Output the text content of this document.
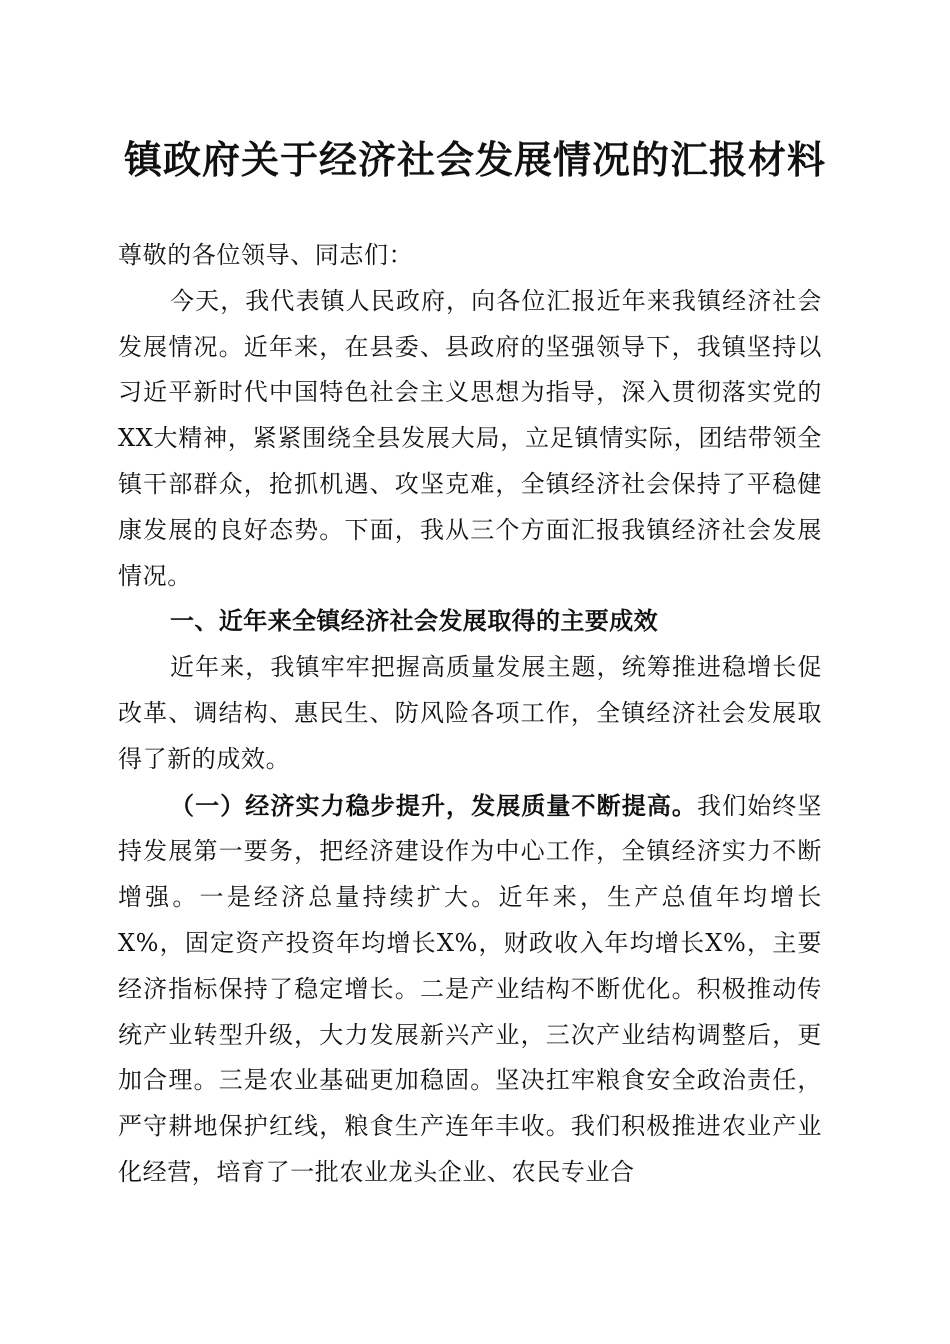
镇政府关于经济社会发展情况的汇报材料

尊敬的各位领导、同志们：

今天，我代表镇人民政府，向各位汇报近年来我镇经济社会发展情况。近年来，在县委、县政府的坚强领导下，我镇坚持以习近平新时代中国特色社会主义思想为指导，深入贯彻落实党的XX大精神，紧紧围绕全县发展大局，立足镇情实际，团结带领全镇干部群众，抢抓机遇、攻坚克难，全镇经济社会保持了平稳健康发展的良好态势。下面，我从三个方面汇报我镇经济社会发展情况。

一、近年来全镇经济社会发展取得的主要成效

近年来，我镇牢牢把握高质量发展主题，统筹推进稳增长促改革、调结构、惠民生、防风险各项工作，全镇经济社会发展取得了新的成效。

（一）经济实力稳步提升，发展质量不断提高。我们始终坚持发展第一要务，把经济建设作为中心工作，全镇经济实力不断增强。一是经济总量持续扩大。近年来，生产总值年均增长X%，固定资产投资年均增长X%，财政收入年均增长X%，主要经济指标保持了稳定增长。二是产业结构不断优化。积极推动传统产业转型升级，大力发展新兴产业，三次产业结构调整后，更加合理。三是农业基础更加稳固。坚决扛牢粮食安全政治责任，严守耕地保护红线，粮食生产连年丰收。我们积极推进农业产业化经营，培育了一批农业龙头企业、农民专业合
